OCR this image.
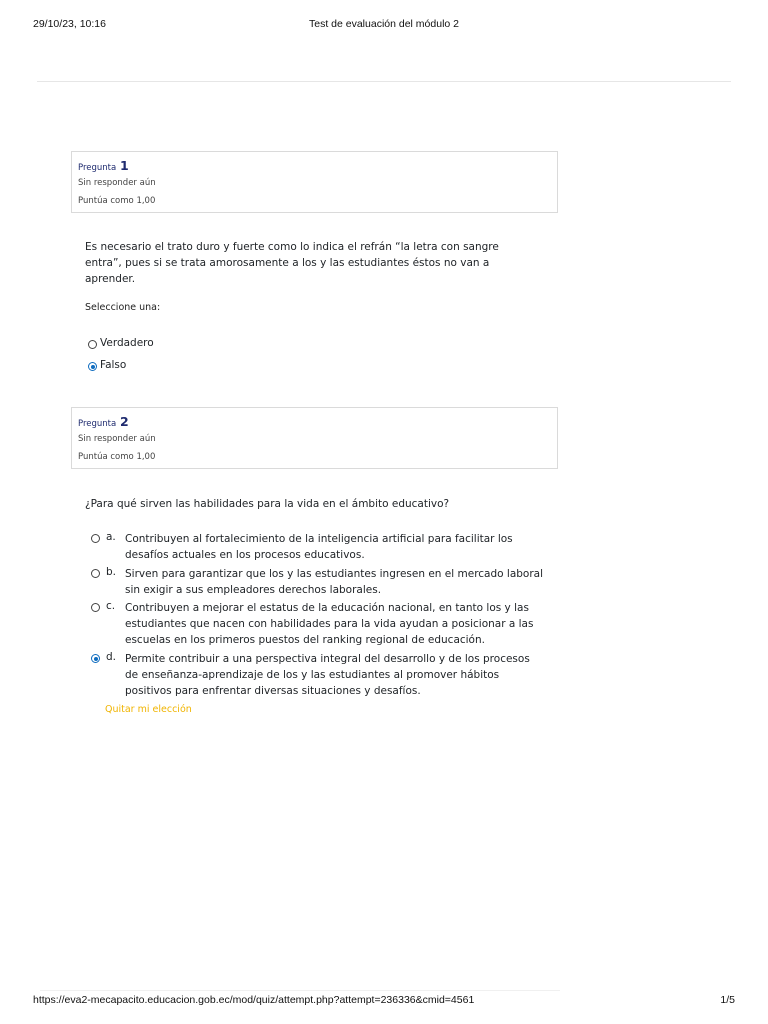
29/10/23, 10:16	Test de evaluación del módulo 2
Pregunta 1
Sin responder aún
Puntúa como 1,00
Es necesario el trato duro y fuerte como lo indica el refrán “la letra con sangre entra”, pues si se trata amorosamente a los y las estudiantes éstos no van a aprender.
Seleccione una:
Verdadero
Falso
Pregunta 2
Sin responder aún
Puntúa como 1,00
¿Para qué sirven las habilidades para la vida en el ámbito educativo?
a. Contribuyen al fortalecimiento de la inteligencia artificial para facilitar los desafíos actuales en los procesos educativos.
b. Sirven para garantizar que los y las estudiantes ingresen en el mercado laboral sin exigir a sus empleadores derechos laborales.
c. Contribuyen a mejorar el estatus de la educación nacional, en tanto los y las estudiantes que nacen con habilidades para la vida ayudan a posicionar a las escuelas en los primeros puestos del ranking regional de educación.
d. Permite contribuir a una perspectiva integral del desarrollo y de los procesos de enseñanza-aprendizaje de los y las estudiantes al promover hábitos positivos para enfrentar diversas situaciones y desafíos.
Quitar mi elección
https://eva2-mecapacito.educacion.gob.ec/mod/quiz/attempt.php?attempt=236336&cmid=4561	1/5
